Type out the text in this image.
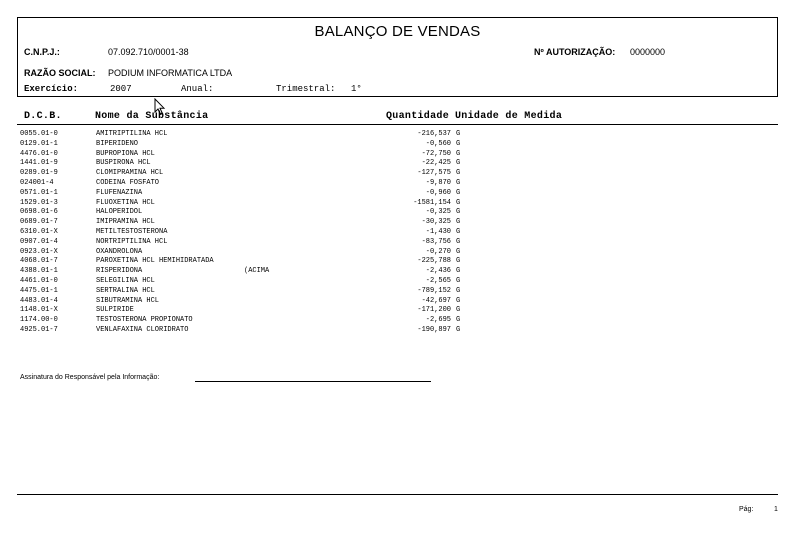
BALANÇO DE VENDAS
C.N.P.J.:	07.092.710/0001-38	Nº AUTORIZAÇÃO: 0000000
RAZÃO SOCIAL: PODIUM INFORMATICA LTDA
Exercício:	2007	Anual:	Trimestral: 1°
D.C.B.	Nome da Substância	Quantidade Unidade de Medida
0055.01-0	AMITRIPTILINA HCL	-216,537 G
0129.01-1	BIPERIDENO	-0,560 G
4476.01-0	BUPROPIONA HCL	-72,750 G
1441.01-9	BUSPIRONA HCL	-22,425 G
0289.01-9	CLOMIPRAMINA HCL	-127,575 G
024001-4	CODEINA FOSFATO	-9,870 G
0571.01-1	FLUFENAZINA	-0,960 G
1529.01-3	FLUOXETINA HCL	-1581,154 G
0698.01-6	HALOPERIDOL	-0,325 G
0689.01-7	IMIPRAMINA HCL	-30,325 G
6310.01-X	METILTESTOSTERONA	-1,430 G
0907.01-4	NORTRIPTILINA HCL	-83,756 G
0923.01-X	OXANDROLONA	-0,270 G
4068.01-7	PAROXETINA HCL HEMIHIDRATADA	-225,788 G
4388.01-1	RISPERIDONA	(ACIMA	-2,436 G
4461.01-0	SELEGILINA HCL	-2,565 G
4475.01-1	SERTRALINA HCL	-789,152 G
4483.01-4	SIBUTRAMINA HCL	-42,697 G
1148.01-X	SULPIRIDE	-171,200 G
1174.00-0	TESTOSTERONA PROPIONATO	-2,695 G
4925.01-7	VENLAFAXINA CLORIDRATO	-190,897 G
Assinatura do Responsável pela Informação:
Pág:	1
